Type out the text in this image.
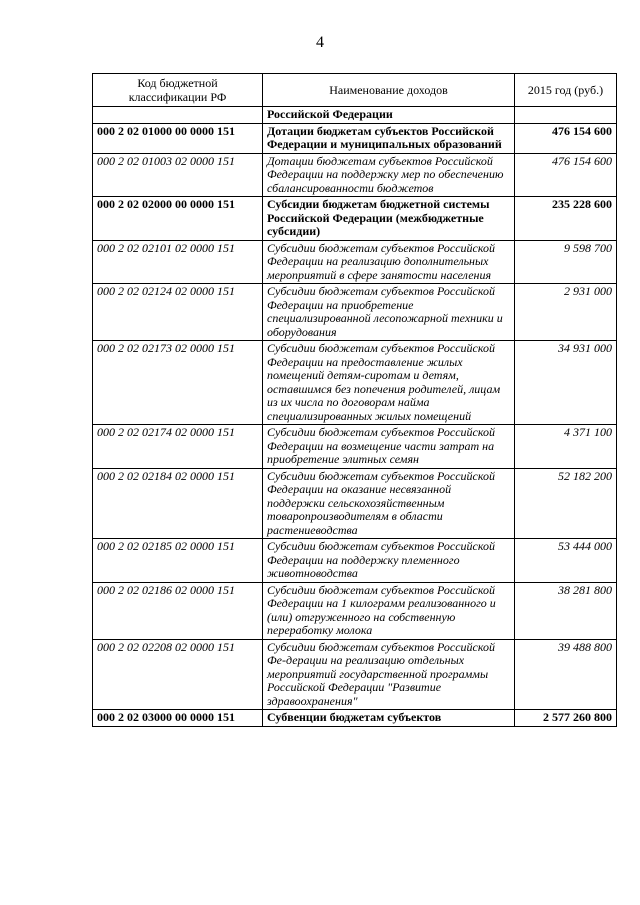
4
Код бюджетной классификации РФ	Наименование доходов	2015 год (руб.)
	Российской Федерации	
000 2 02 01000 00 0000 151	Дотации бюджетам субъектов Российской Федерации и муниципальных образований	476 154 600
000 2 02 01003 02 0000 151	Дотации бюджетам субъектов Российской Федерации на поддержку мер по обеспечению сбалансированности бюджетов	476 154 600
000 2 02 02000 00 0000 151	Субсидии бюджетам бюджетной системы Российской Федерации (межбюджетные субсидии)	235 228 600
000 2 02 02101 02 0000 151	Субсидии бюджетам субъектов Российской Федерации на реализацию дополнительных мероприятий в сфере занятости населения	9 598 700
000 2 02 02124 02 0000 151	Субсидии бюджетам субъектов Российской Федерации на приобретение специализированной лесопожарной техники и оборудования	2 931 000
000 2 02 02173 02 0000 151	Субсидии бюджетам субъектов Российской Федерации на предоставление жилых помещений детям-сиротам и детям, оставшимся без попечения родителей, лицам из их числа по договорам найма специализированных жилых помещений	34 931 000
000 2 02 02174 02 0000 151	Субсидии бюджетам субъектов Российской Федерации на возмещение части затрат на приобретение элитных семян	4 371 100
000 2 02 02184 02 0000 151	Субсидии бюджетам субъектов Российской Федерации на оказание несвязанной поддержки сельскохозяйственным товаропроизводителям в области растениеводства	52 182 200
000 2 02 02185 02 0000 151	Субсидии бюджетам субъектов Российской Федерации на поддержку племенного животноводства	53 444 000
000 2 02 02186 02 0000 151	Субсидии бюджетам субъектов Российской Федерации на 1 килограмм реализованного и (или) отгруженного на собственную переработку молока	38 281 800
000 2 02 02208 02 0000 151	Субсидии бюджетам субъектов Российской Фе-дерации на реализацию отдельных мероприятий государственной программы Российской Федерации "Развитие здравоохранения"	39 488 800
000 2 02 03000 00 0000 151	Субвенции бюджетам субъектов	2 577 260 800
